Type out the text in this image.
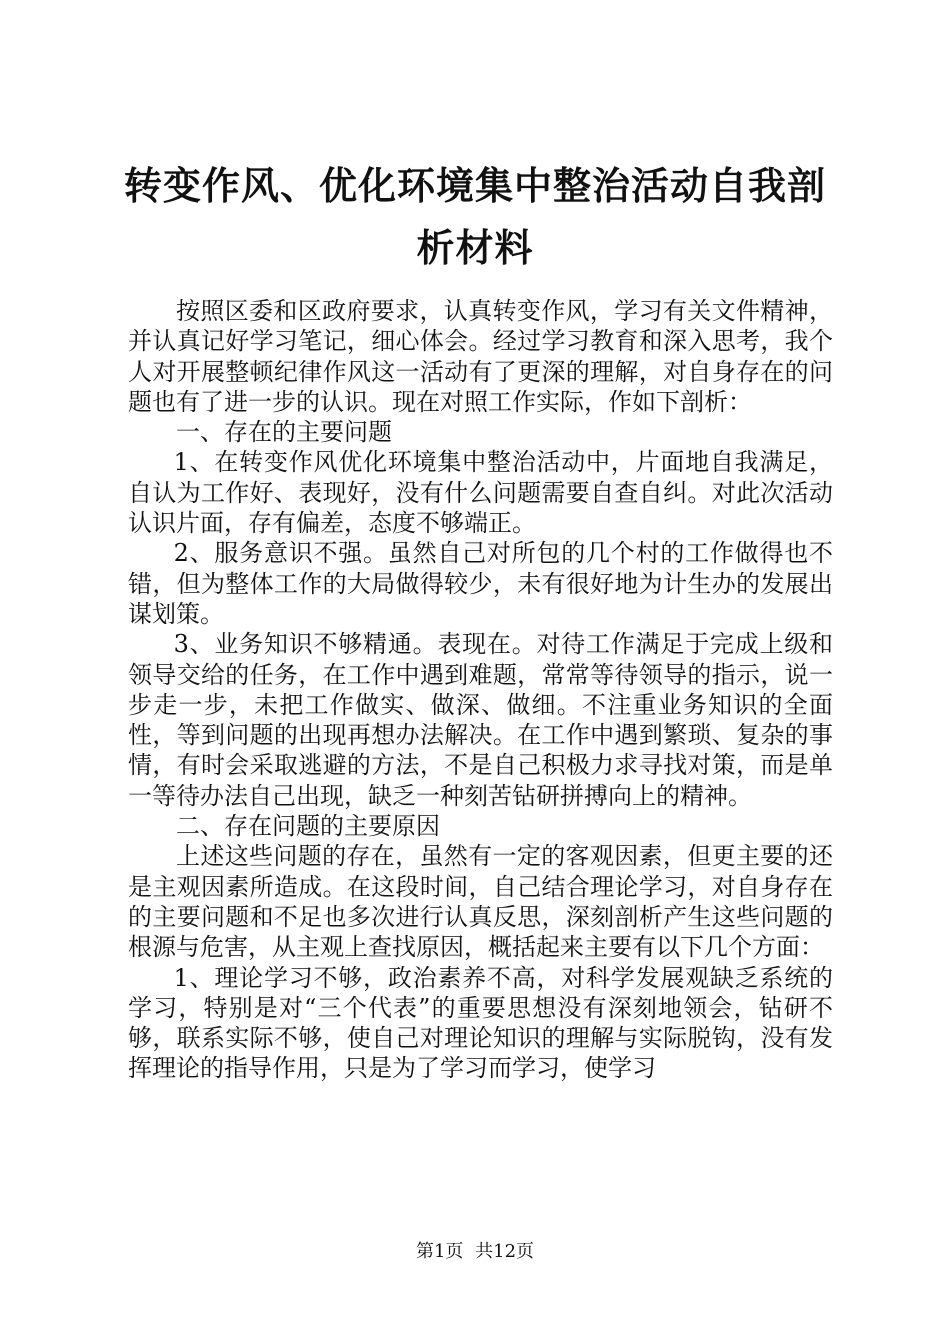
转变作风、优化环境集中整治活动自我剖析材料

按照区委和区政府要求，认真转变作风，学习有关文件精神，并认真记好学习笔记，细心体会。经过学习教育和深入思考，我个人对开展整顿纪律作风这一活动有了更深的理解，对自身存在的问题也有了进一步的认识。现在对照工作实际，作如下剖析：

一、存在的主要问题

1、在转变作风优化环境集中整治活动中，片面地自我满足，自认为工作好、表现好，没有什么问题需要自查自纠。对此次活动认识片面，存有偏差，态度不够端正。

2、服务意识不强。虽然自己对所包的几个村的工作做得也不错，但为整体工作的大局做得较少，未有很好地为计生办的发展出谋划策。

3、业务知识不够精通。表现在。对待工作满足于完成上级和领导交给的任务，在工作中遇到难题，常常等待领导的指示，说一步走一步，未把工作做实、做深、做细。不注重业务知识的全面性，等到问题的出现再想办法解决。在工作中遇到繁琐、复杂的事情，有时会采取逃避的方法，不是自己积极力求寻找对策，而是单一等待办法自己出现，缺乏一种刻苦钻研拼搏向上的精神。

二、存在问题的主要原因

上述这些问题的存在，虽然有一定的客观因素，但更主要的还是主观因素所造成。在这段时间，自己结合理论学习，对自身存在的主要问题和不足也多次进行认真反思，深刻剖析产生这些问题的根源与危害，从主观上查找原因，概括起来主要有以下几个方面：

1、理论学习不够，政治素养不高，对科学发展观缺乏系统的学习，特别是对“三个代表”的重要思想没有深刻地领会，钻研不够，联系实际不够，使自己对理论知识的理解与实际脱钩，没有发挥理论的指导作用，只是为了学习而学习，使学习

第1页 共12页
